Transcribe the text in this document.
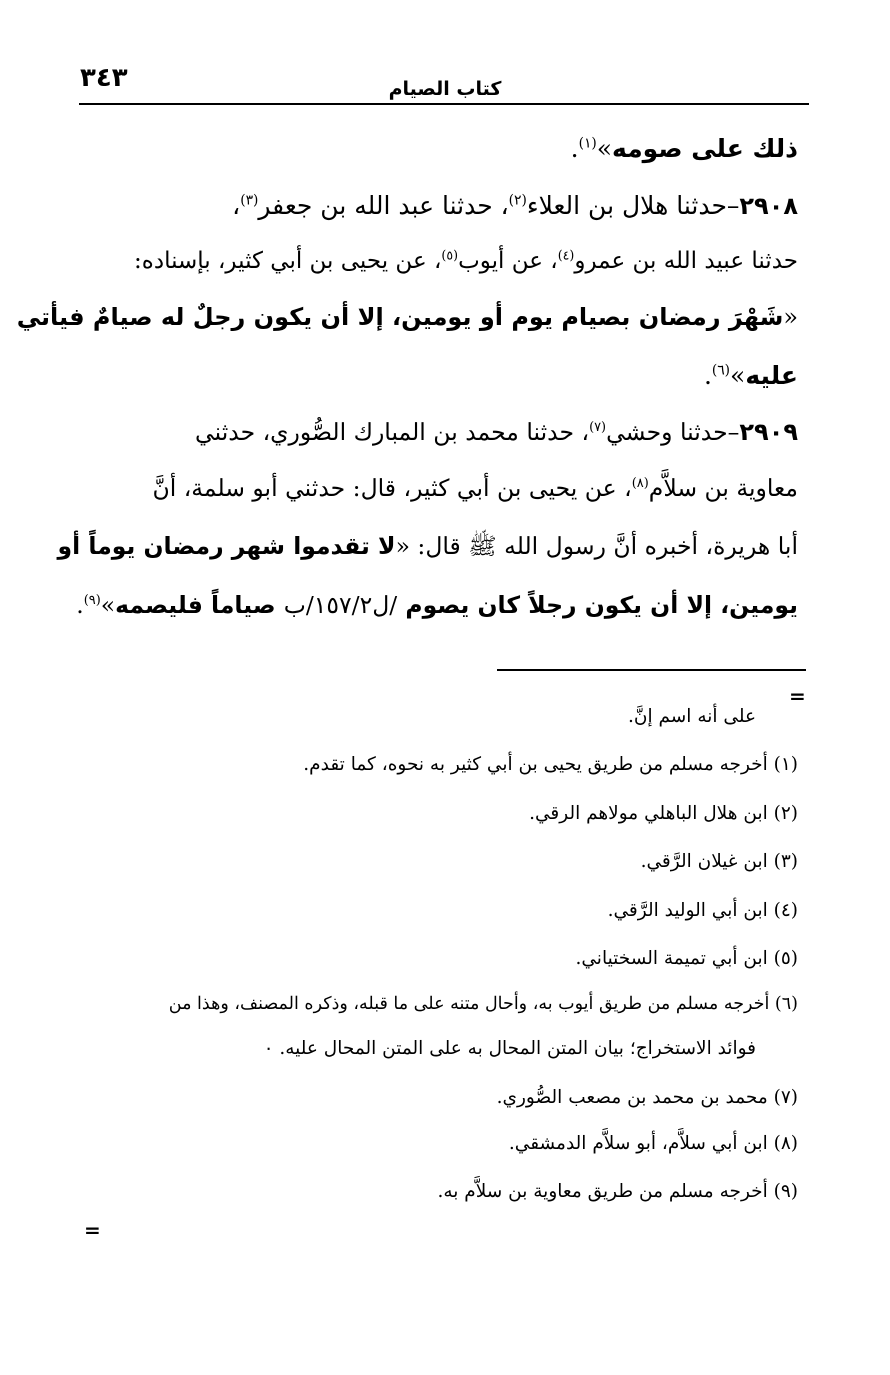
٣٤٣	كتاب الصيام
ذلك على صومه»$^{(١)}$.
٢٩٠٨–حدثنا هلال بن العلاء$^{(٢)}$، حدثنا عبد الله بن جعفر$^{(٣)}$،
حدثنا عبيد الله بن عمرو$^{(٤)}$، عن أيوب$^{(٥)}$، عن يحيى بن أبي كثير، بإسناده:
«شَهْرَ رمضان بصيام يوم أو يومين، إلا أن يكون رجلٌ له صيامٌ فيأتي
عليه»$^{(٦)}$.
٢٩٠٩–حدثنا وحشي$^{(٧)}$، حدثنا محمد بن المبارك الصُّوري، حدثني
معاوية بن سلاَّم$^{(٨)}$، عن يحيى بن أبي كثير، قال: حدثني أبو سلمة، أنَّ
أبا هريرة، أخبره أنَّ رسول الله ﷺ قال: «لا تقدموا شهر رمضان يوماً أو
يومين، إلا أن يكون رجلاً كان يصوم /ل١٥٧/٢/ب صياماً فليصمه»$^{(٩)}$.
=
على أنه اسم إنَّ.
(١) أخرجه مسلم من طريق يحيى بن أبي كثير به نحوه، كما تقدم.
(٢) ابن هلال الباهلي مولاهم الرقي.
(٣) ابن غيلان الرَّقي.
(٤) ابن أبي الوليد الرَّقي.
(٥) ابن أبي تميمة السختياني.
(٦) أخرجه مسلم من طريق أيوب به، وأحال متنه على ما قبله، وذكره المصنف، وهذا من
فوائد الاستخراج؛ بيان المتن المحال به على المتن المحال عليه. ٠
(٧) محمد بن محمد بن مصعب الصُّوري.
(٨) ابن أبي سلاَّم، أبو سلاَّم الدمشقي.
(٩) أخرجه مسلم من طريق معاوية بن سلاَّم به.
=
